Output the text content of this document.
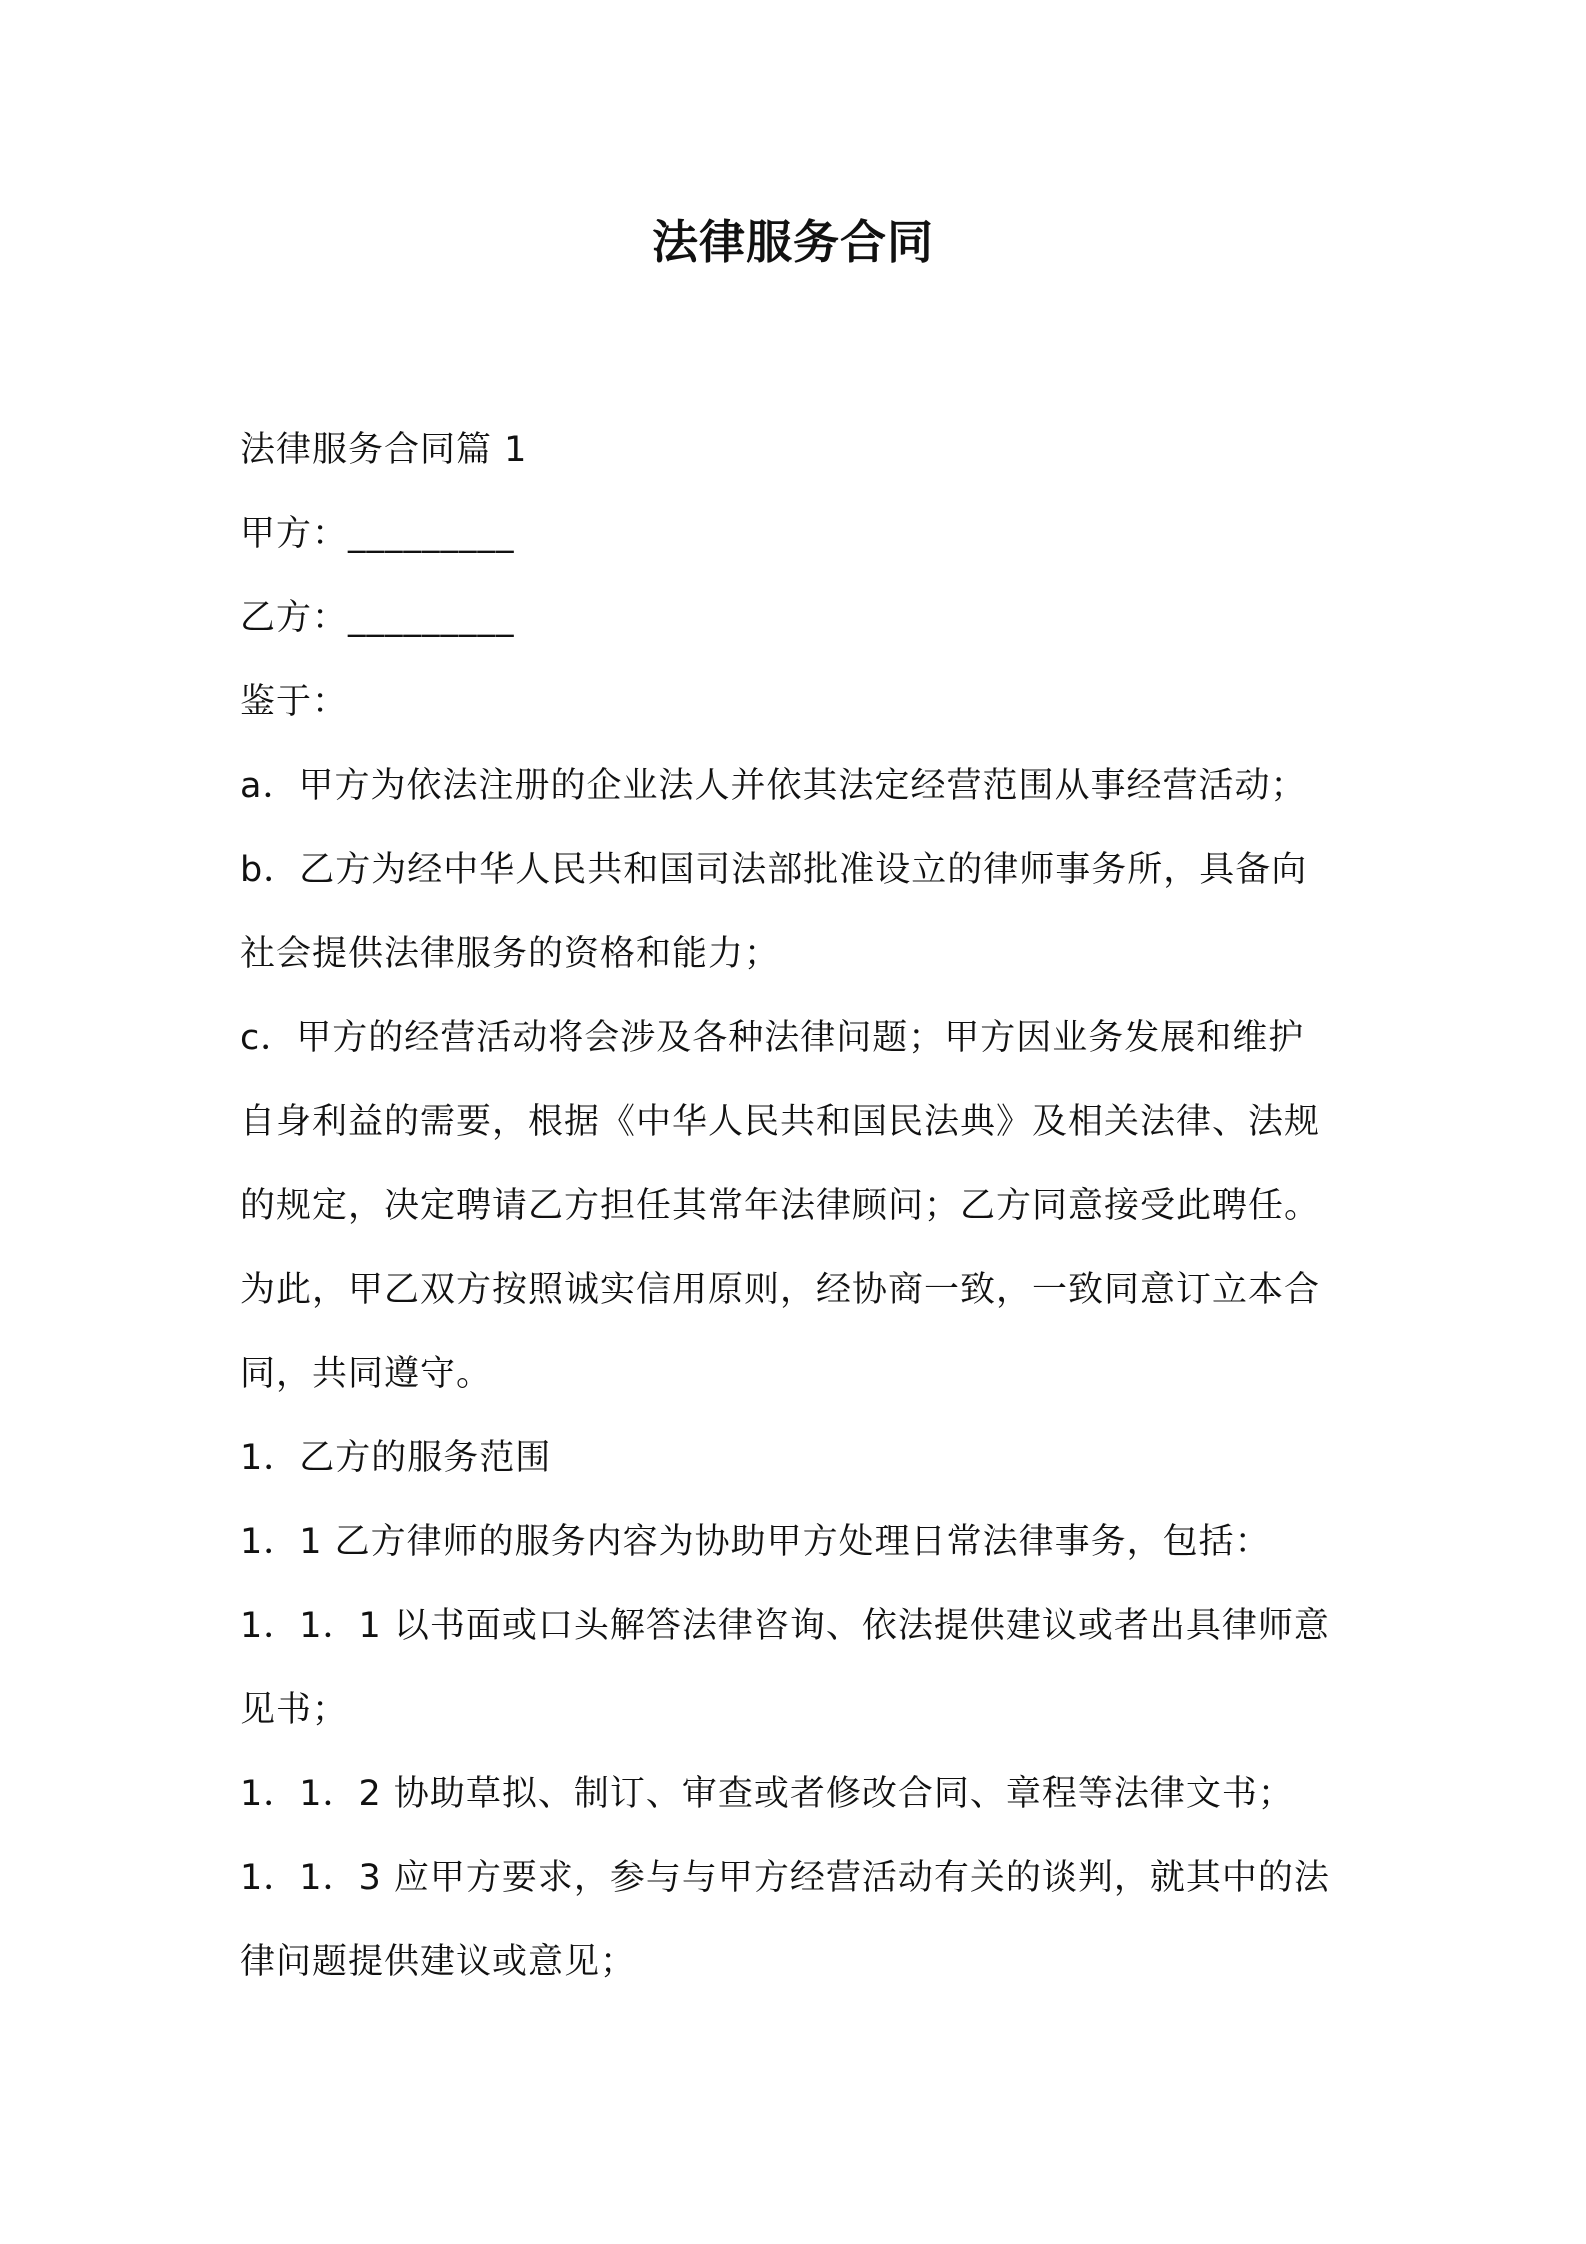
法律服务合同

法律服务合同篇 1

甲方：_________

乙方：_________

鉴于：

a．甲方为依法注册的企业法人并依其法定经营范围从事经营活动；

b．乙方为经中华人民共和国司法部批准设立的律师事务所，具备向
社会提供法律服务的资格和能力；

c．甲方的经营活动将会涉及各种法律问题；甲方因业务发展和维护
自身利益的需要，根据《中华人民共和国民法典》及相关法律、法规
的规定，决定聘请乙方担任其常年法律顾问；乙方同意接受此聘任。
为此，甲乙双方按照诚实信用原则，经协商一致，一致同意订立本合
同，共同遵守。

1．乙方的服务范围

1．1 乙方律师的服务内容为协助甲方处理日常法律事务，包括：

1．1．1 以书面或口头解答法律咨询、依法提供建议或者出具律师意
见书；

1．1．2 协助草拟、制订、审查或者修改合同、章程等法律文书；

1．1．3 应甲方要求，参与与甲方经营活动有关的谈判，就其中的法
律问题提供建议或意见；
